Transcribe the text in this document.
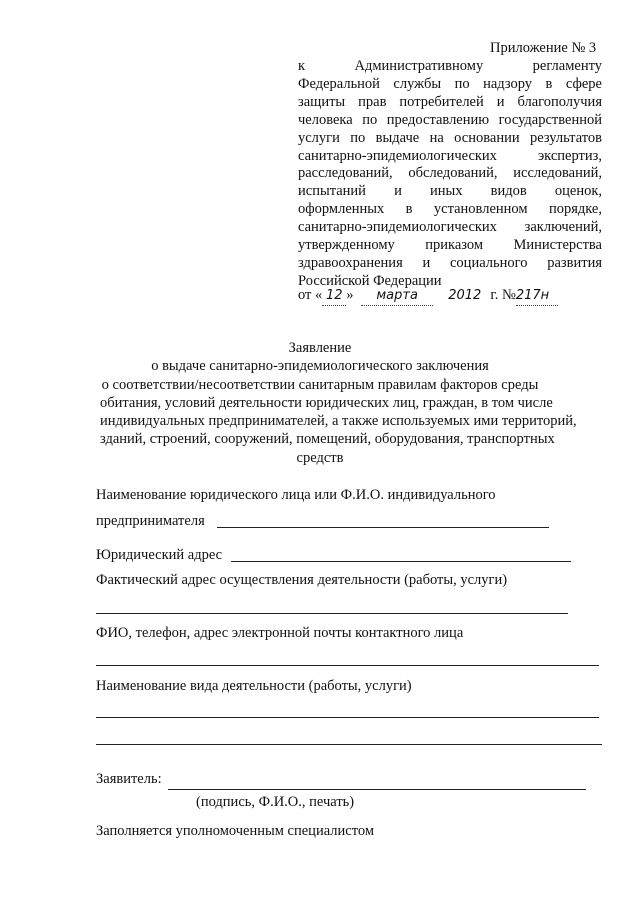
Приложение № 3
к Административному регламенту
Федеральной службы по надзору в сфере
защиты прав потребителей и благополучия
человека по предоставлению государственной
услуги по выдаче на основании результатов
санитарно-эпидемиологических экспертиз,
расследований, обследований, исследований,
испытаний и иных видов оценок,
оформленных в установленном порядке,
санитарно-эпидемиологических заключений,
утвержденному приказом Министерства
здравоохранения и социального развития
Российской Федерации
от « 12 » марта 2012 г. №217н
Заявление
о выдаче санитарно-эпидемиологического заключения
о соответствии/несоответствии санитарным правилам факторов среды
обитания, условий деятельности юридических лиц, граждан, в том числе
индивидуальных предпринимателей, а также используемых ими территорий,
зданий, строений, сооружений, помещений, оборудования, транспортных
средств
Наименование юридического лица или Ф.И.О. индивидуального
предпринимателя
Юридический адрес
Фактический адрес осуществления деятельности (работы, услуги)
ФИО, телефон, адрес электронной почты контактного лица
Наименование вида деятельности (работы, услуги)
Заявитель:
(подпись, Ф.И.О., печать)
Заполняется уполномоченным специалистом
